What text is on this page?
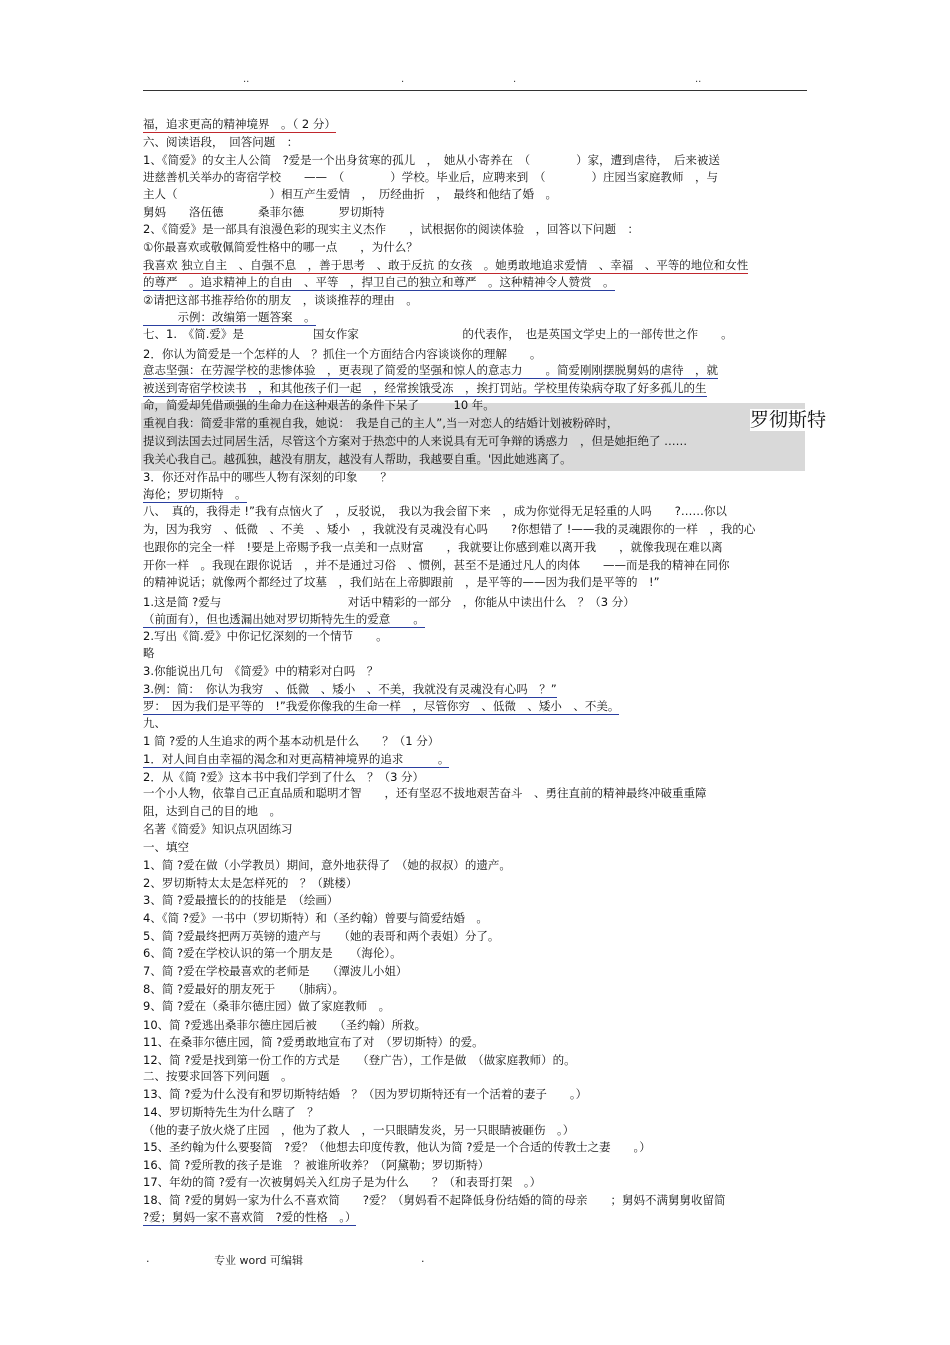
..	.	.	..
福，追求更高的精神境界　。（ 2 分）
六、阅读语段，　回答问题　：
1、《简爱》的女主人公简　?爱是一个出身贫寒的孤儿　，　她从小寄养在　（　　　　）家，遭到虐待，　后来被送
进慈善机关举办的寄宿学校　　——　（　　　　）学校。毕业后，应聘来到　（　　　　）庄园当家庭教师　，与
主人（　　　　　　　　）相互产生爱情　，　历经曲折　，　最终和他结了婚　。
舅妈　　洛伍德　　　桑菲尔德　　　罗切斯特
2、《简爱》是一部具有浪漫色彩的现实主义杰作　　，试根据你的阅读体验　，回答以下问题　：
①你最喜欢或敬佩简爱性格中的哪一点　　，为什么？
我喜欢 独立自主　、自强不息　，善于思考　、敢于反抗 的女孩　。她勇敢地追求爱情　、幸福　、平等的地位和女性
的尊严　。追求精神上的自由　、平等　，捍卫自己的独立和尊严　。这种精神令人赞赏　。
②请把这部书推荐给你的朋友　，谈谈推荐的理由　。
　　　示例：改编第一题答案　。
七、1.　《简.爱》是　　　　　　国女作家　　　　　　　　　的代表作，　也是英国文学史上的一部传世之作　　。
2．你认为简爱是一个怎样的人　？抓住一个方面结合内容谈谈你的理解　　。
意志坚强：在劳渥学校的悲惨体验　，更表现了简爱的坚强和惊人的意志力　　。简爱刚刚摆脱舅妈的虐待　，就
被送到寄宿学校读书　，和其他孩子们一起　，经常挨饿受冻　，挨打罚站。学校里传染病夺取了好多孤儿的生
命，简爱却凭借顽强的生命力在这种艰苦的条件下呆了　　　10 年。
重视自我：简爱非常的重视自我，她说：　我是自己的主人”,当一对恋人的结婚计划被粉碎时，
提议到法国去过同居生活，尽管这个方案对于热恋中的人来说具有无可争辩的诱惑力　，但是她拒绝了 ……
我关心我自己。越孤独，越没有朋友，越没有人帮助，我越要自重。'因此她逃离了。
3．你还对作品中的哪些人物有深刻的印象　　？
海伦；罗切斯特　。
八、　真的，我得走 !”我有点恼火了　，反驳说，　我以为我会留下来　，成为你觉得无足轻重的人吗　　?……你以
为，因为我穷　、低微　、不美　、矮小　，我就没有灵魂没有心吗　　?你想错了 !——我的灵魂跟你的一样　，我的心
也跟你的完全一样　!要是上帝赐予我一点美和一点财富　　，我就要让你感到难以离开我　　，就像我现在难以离
开你一样　。我现在跟你说话　，并不是通过习俗　、惯例，甚至不是通过凡人的肉体　　——而是我的精神在同你
的精神说话；就像两个都经过了坟墓　，我们站在上帝脚跟前　，是平等的——因为我们是平等的　!”
1.这是简 ?爱与　　　　　　　　　　　对话中精彩的一部分　，你能从中读出什么　？（3 分）
（前面有），但也透漏出她对罗切斯特先生的爱意　　。
2.写出《简.爱》中你记忆深刻的一个情节　　。
略
3.你能说出几句　《简爱》中的精彩对白吗　？
3.例：简：　你认为我穷　、低微　、矮小　、不美，我就没有灵魂没有心吗　？”
罗：　因为我们是平等的　!”我爱你像我的生命一样　，尽管你穷　、低微　、矮小　、不美。
九、
1 简 ?爱的人生追求的两个基本动机是什么　　？（1 分）
1．对人间自由幸福的渴念和对更高精神境界的追求　　　。
2．从《简 ?爱》这本书中我们学到了什么　？（3 分）
一个小人物，依靠自己正直品质和聪明才智　　，还有坚忍不拔地艰苦奋斗　、勇往直前的精神最终冲破重重障
阻，达到自己的目的地　。
名著《简爱》知识点巩固练习
一、填空
1、简 ?爱在做（小学教员）期间，意外地获得了　（她的叔叔）的遗产。
2、罗切斯特太太是怎样死的　？（跳楼）
3、简 ?爱最擅长的的技能是　（绘画）
4、《简 ?爱》一书中（罗切斯特）和（圣约翰）曾要与简爱结婚　。
5、简 ?爱最终把两万英镑的遗产与　　（她的表哥和两个表姐）分了。
6、简 ?爱在学校认识的第一个朋友是　　（海伦）。
7、简 ?爱在学校最喜欢的老师是　　（潭波儿小姐）
8、简 ?爱最好的朋友死于　　（肺病）。
9、简 ?爱在（桑菲尔德庄园）做了家庭教师　。
10、简 ?爱逃出桑菲尔德庄园后被　　（圣约翰）所救。
11、在桑菲尔德庄园，简 ?爱勇敢地宣布了对　（罗切斯特）的爱。
12、简 ?爱是找到第一份工作的方式是　　（登广告），工作是做　（做家庭教师）的。
二、按要求回答下列问题　。
13、简 ?爱为什么没有和罗切斯特结婚　？（因为罗切斯特还有一个活着的妻子　　。）
14、罗切斯特先生为什么瞎了　？
（他的妻子放火烧了庄园　，他为了救人　，一只眼睛发炎，另一只眼睛被砸伤　。）
15、圣约翰为什么要娶简　?爱？（他想去印度传教，他认为简 ?爱是一个合适的传教士之妻　　。）
16、简 ?爱所教的孩子是谁　？被谁所收养？（阿黛勒；罗切斯特）
17、年幼的简 ?爱有一次被舅妈关入红房子是为什么　　？（和表哥打架　。）
18、简 ?爱的舅妈一家为什么不喜欢简　　?爱？（舅妈看不起降低身份结婚的简的母亲　　；舅妈不满舅舅收留简
?爱；舅妈一家不喜欢简　?爱的性格　。）
罗彻斯特
.	专业 word 可编辑	.
